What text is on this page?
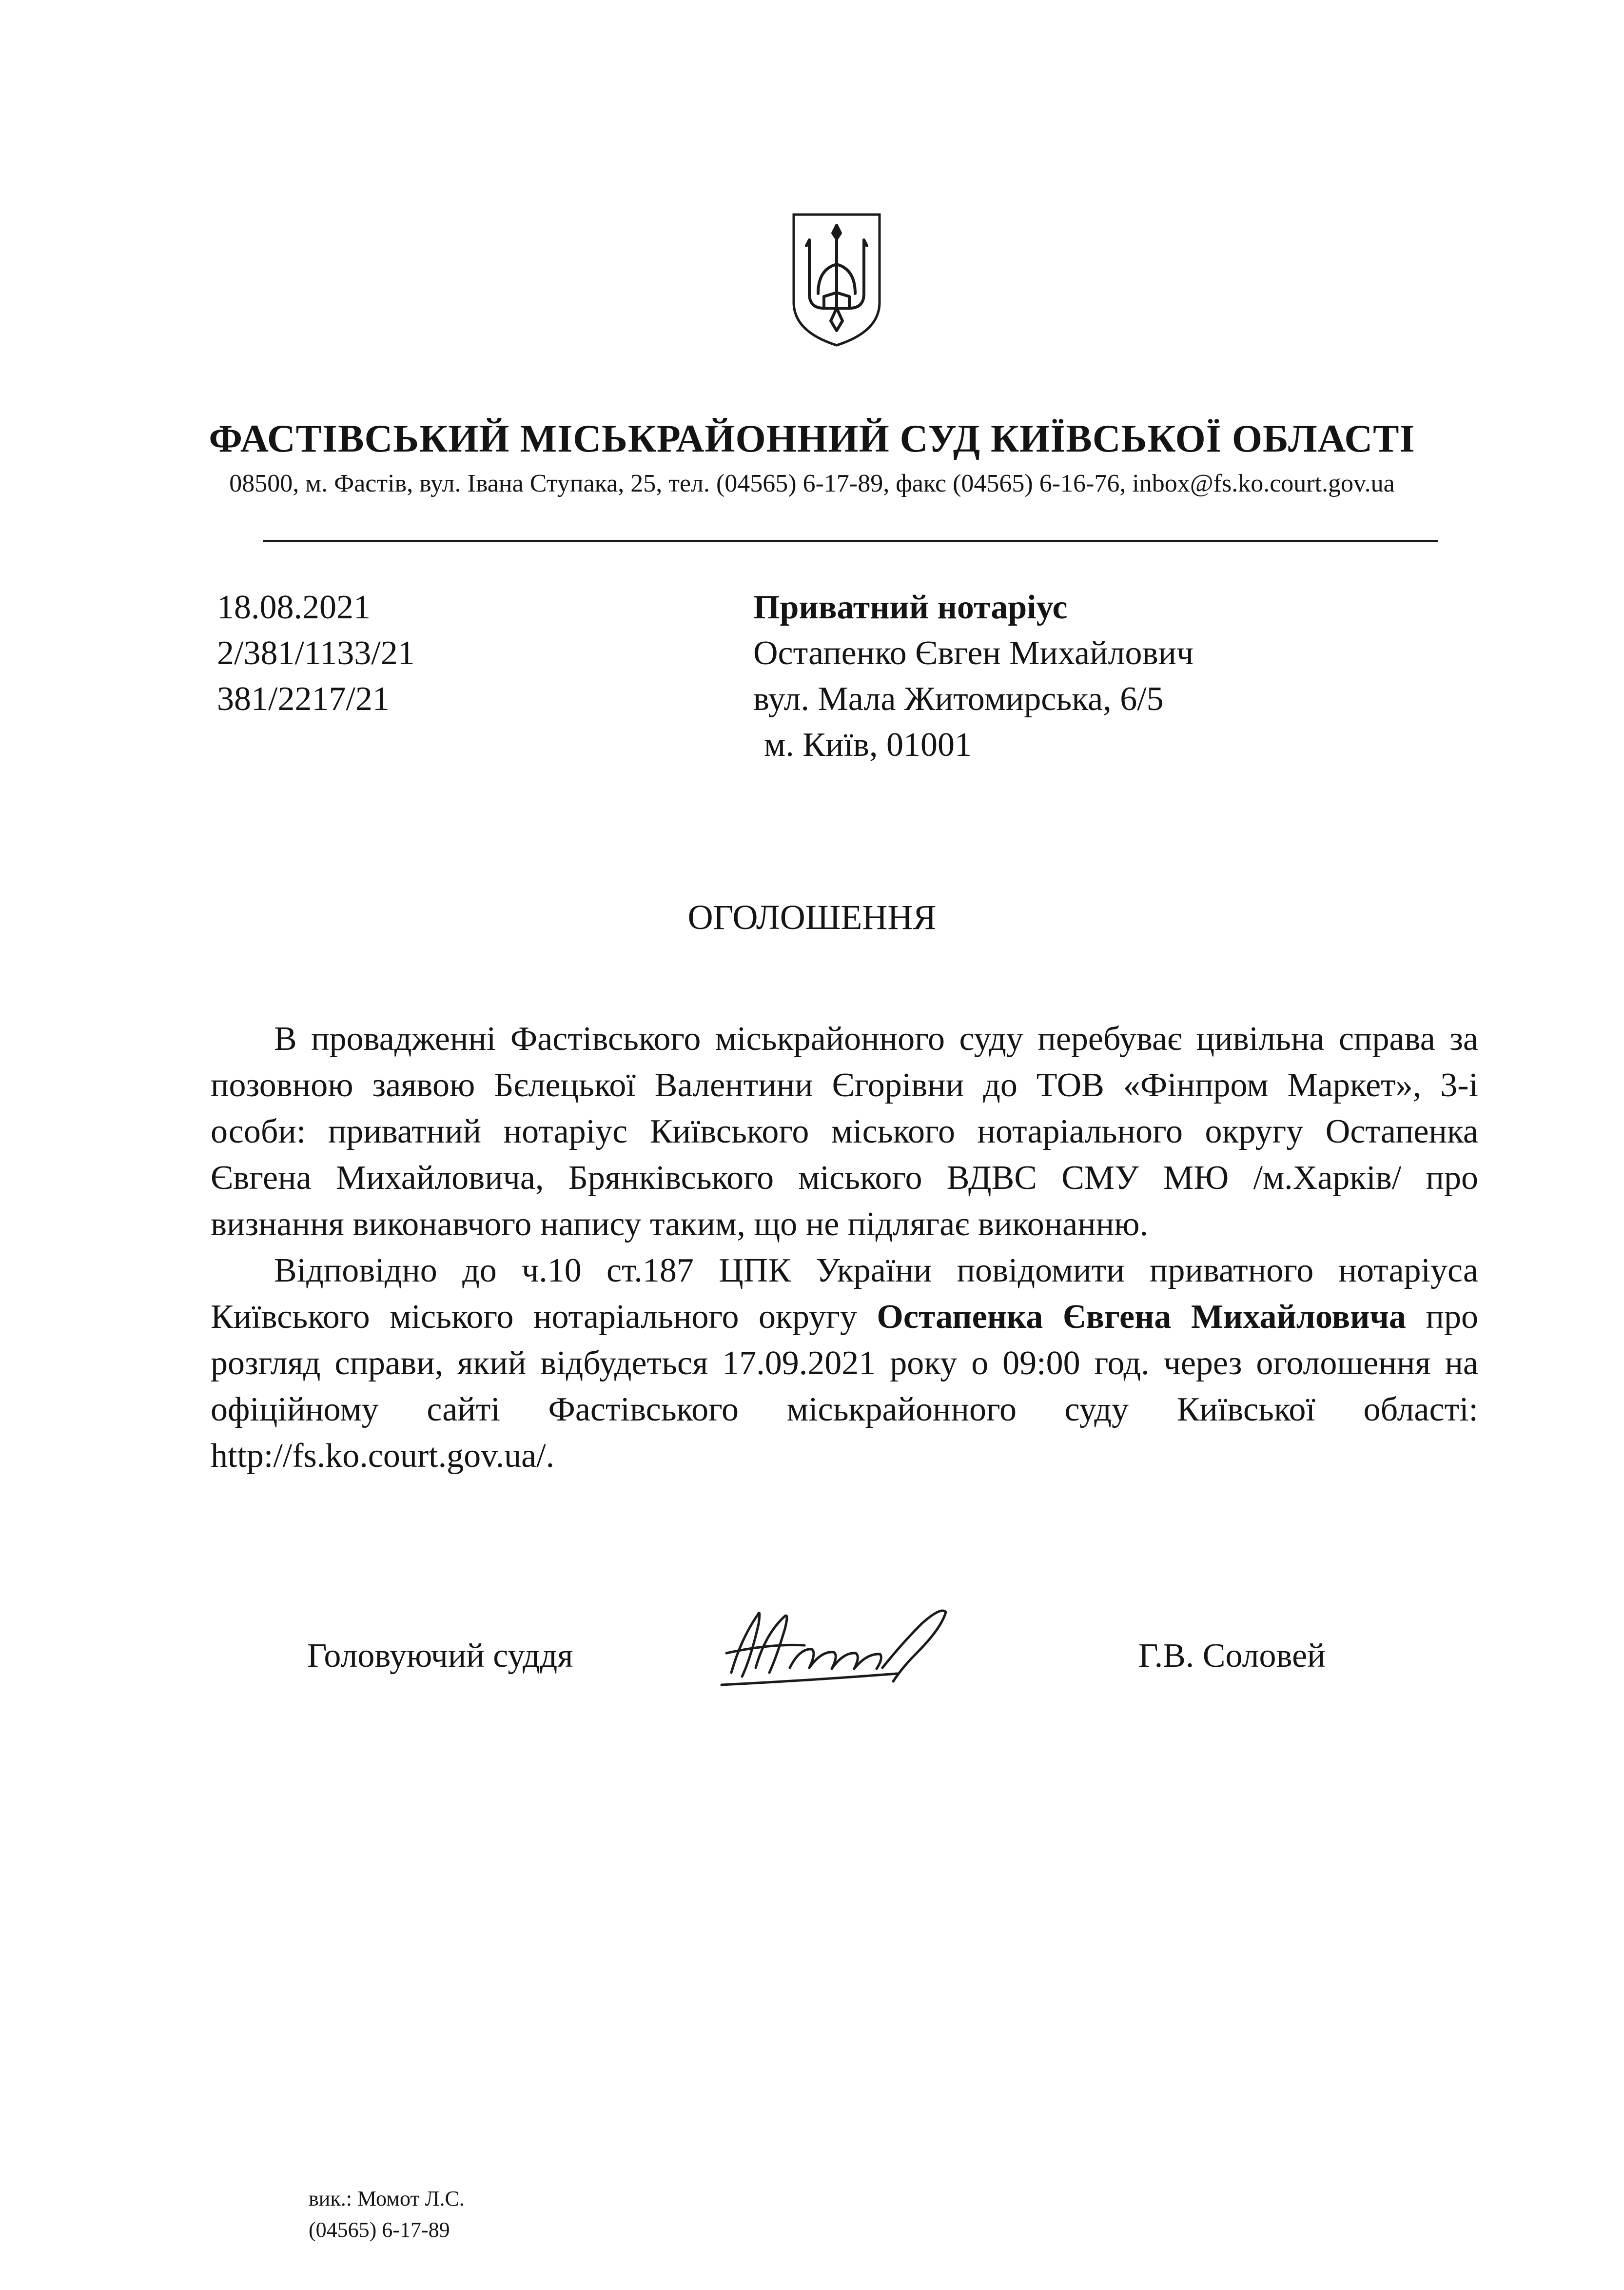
ФАСТІВСЬКИЙ МІСЬКРАЙОННИЙ СУД КИЇВСЬКОЇ ОБЛАСТІ
08500, м. Фастів, вул. Івана Ступака, 25, тел. (04565) 6-17-89, факс (04565) 6-16-76, inbox@fs.ko.court.gov.ua
18.08.2021
2/381/1133/21
381/2217/21
Приватний нотаріус
Остапенко Євген Михайлович
вул. Мала Житомирська, 6/5
м. Київ, 01001
ОГОЛОШЕННЯ

В провадженні Фастівського міськрайонного суду перебуває цивільна справа за позовною заявою Бєлецької Валентини Єгорівни до ТОВ «Фінпром Маркет», 3-і особи: приватний нотаріус Київського міського нотаріального округу Остапенка Євгена Михайловича, Брянківського міського ВДВС СМУ МЮ /м.Харків/ про визнання виконавчого напису таким, що не підлягає виконанню.

Відповідно до ч.10 ст.187 ЦПК України повідомити приватного нотаріуса Київського міського нотаріального округу Остапенка Євгена Михайловича про розгляд справи, який відбудеться 17.09.2021 року о 09:00 год. через оголошення на офіційному сайті Фастівського міськрайонного суду Київської області: http://fs.ko.court.gov.ua/.

Головуючий суддя	Г.В. Соловей
вик.: Момот Л.С.
(04565) 6-17-89
